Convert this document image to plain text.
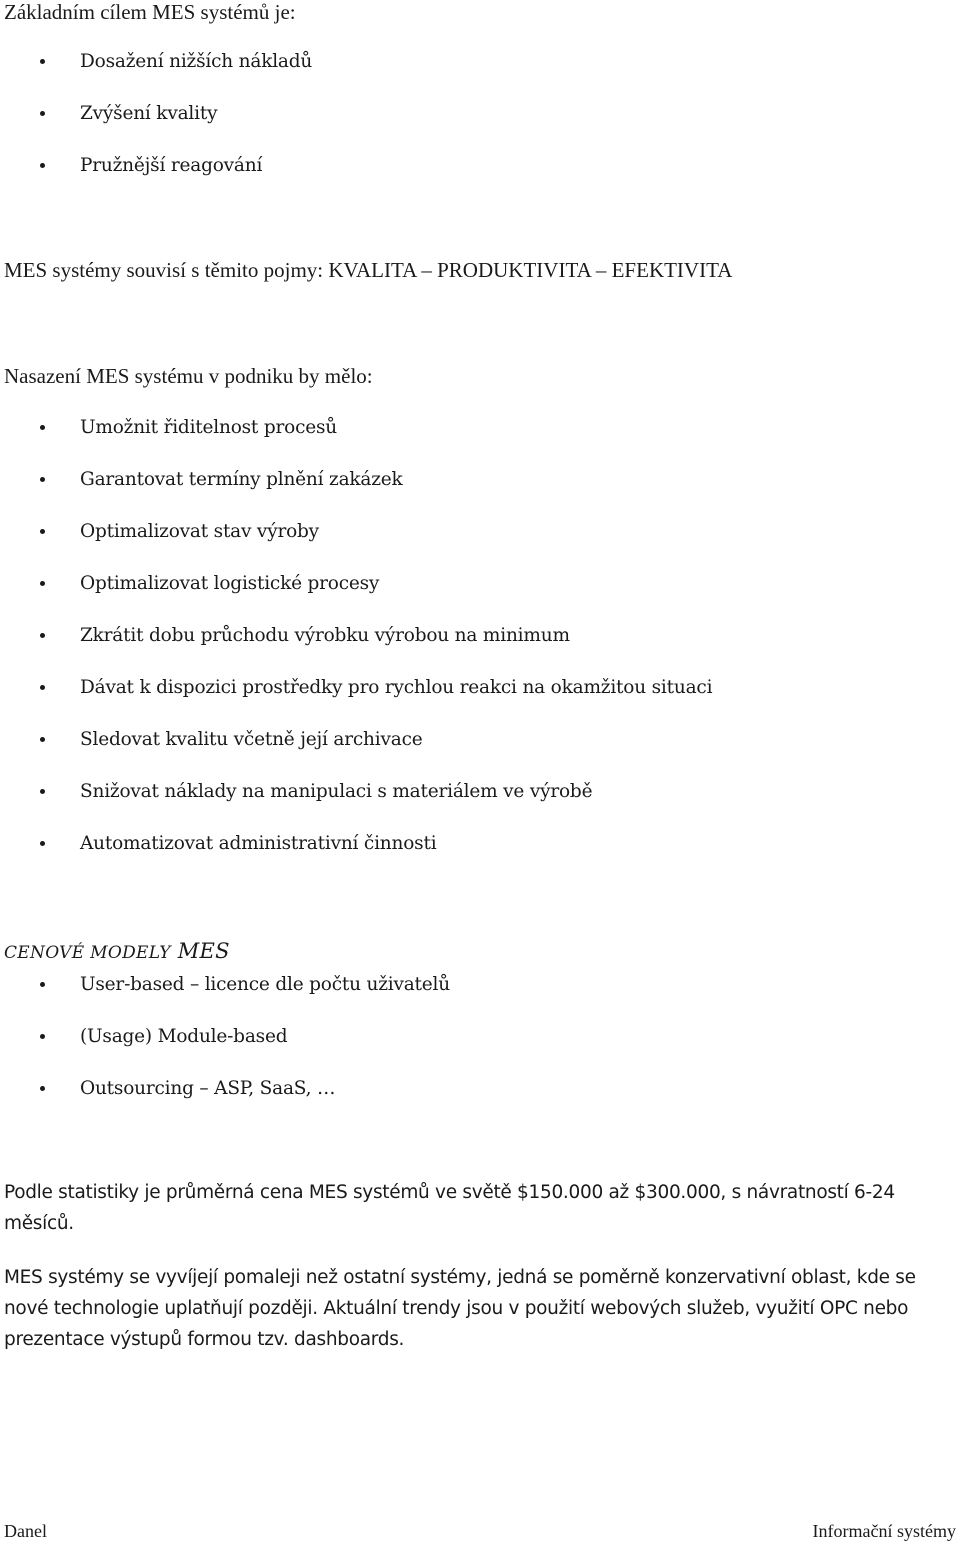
Základním cílem MES systémů je:
Dosažení nižších nákladů
Zvýšení kvality
Pružnější reagování
MES systémy souvisí s těmito pojmy: KVALITA – PRODUKTIVITA – EFEKTIVITA
Nasazení MES systému v podniku by mělo:
Umožnit řiditelnost procesů
Garantovat termíny plnění zakázek
Optimalizovat stav výroby
Optimalizovat logistické procesy
Zkrátit dobu průchodu výrobku výrobou na minimum
Dávat k dispozici prostředky pro rychlou reakci na okamžitou situaci
Sledovat kvalitu včetně její archivace
Snižovat náklady na manipulaci s materiálem ve výrobě
Automatizovat administrativní činnosti
CENOVÉ MODELY MES
User-based – licence dle počtu uživatelů
(Usage) Module-based
Outsourcing – ASP, SaaS, …
Podle statistiky je průměrná cena MES systémů ve světě $150.000 až $300.000, s návratností 6-24 měsíců.
MES systémy se vyvíjejí pomaleji než ostatní systémy, jedná se poměrně konzervativní oblast, kde se nové technologie uplatňují později. Aktuální trendy jsou v použití webových služeb, využití OPC nebo prezentace výstupů formou tzv. dashboards.
Danel	Informační systémy
